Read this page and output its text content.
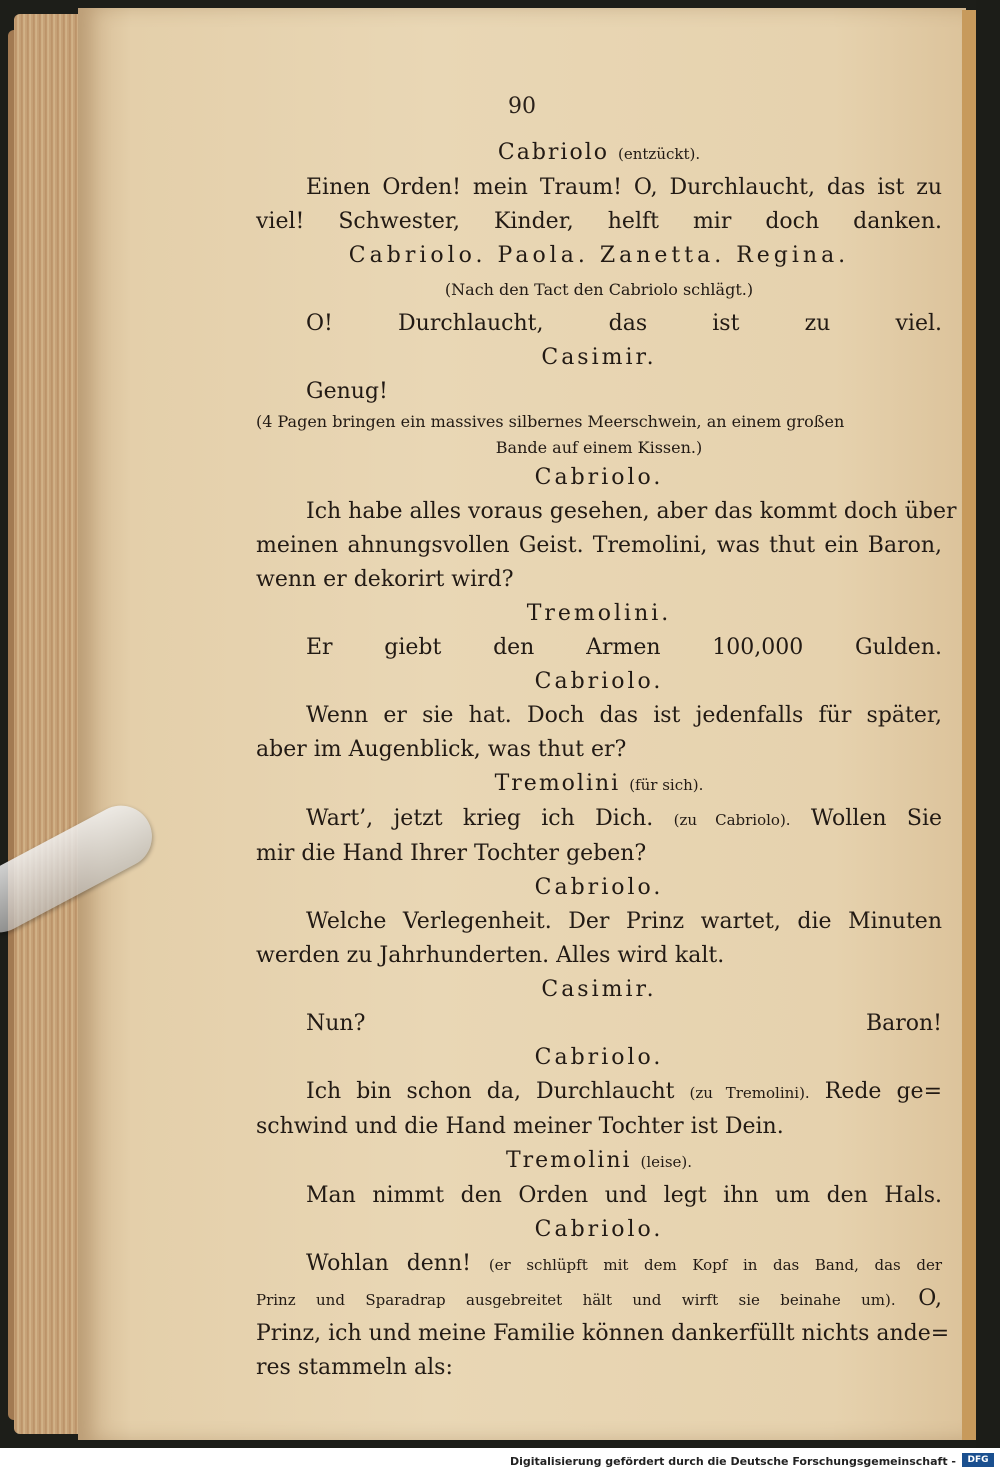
90
Cabriolo (entzückt).
Einen Orden! mein Traum! O, Durchlaucht, das ist zu
viel! Schwester, Kinder, helft mir doch danken.
Cabriolo. Paola. Zanetta. Regina.
(Nach den Tact den Cabriolo schlägt.)
O! Durchlaucht, das ist zu viel.
Casimir.
Genug!
(4 Pagen bringen ein massives silbernes Meerschwein, an einem großen
Bande auf einem Kissen.)
Cabriolo.
Ich habe alles voraus gesehen, aber das kommt doch über
meinen ahnungsvollen Geist. Tremolini, was thut ein Baron,
wenn er dekorirt wird?
Tremolini.
Er giebt den Armen 100,000 Gulden.
Cabriolo.
Wenn er sie hat. Doch das ist jedenfalls für später,
aber im Augenblick, was thut er?
Tremolini (für sich).
Wart’, jetzt krieg ich Dich. (zu Cabriolo). Wollen Sie
mir die Hand Ihrer Tochter geben?
Cabriolo.
Welche Verlegenheit. Der Prinz wartet, die Minuten
werden zu Jahrhunderten. Alles wird kalt.
Casimir.
Nun? Baron!
Cabriolo.
Ich bin schon da, Durchlaucht (zu Tremolini). Rede ge=
schwind und die Hand meiner Tochter ist Dein.
Tremolini (leise).
Man nimmt den Orden und legt ihn um den Hals.
Cabriolo.
Wohlan denn! (er schlüpft mit dem Kopf in das Band, das der
Prinz und Sparadrap ausgebreitet hält und wirft sie beinahe um). O,
Prinz, ich und meine Familie können dankerfüllt nichts ande=
res stammeln als:
Digitalisierung gefördert durch die Deutsche Forschungsgemeinschaft -	DFG
